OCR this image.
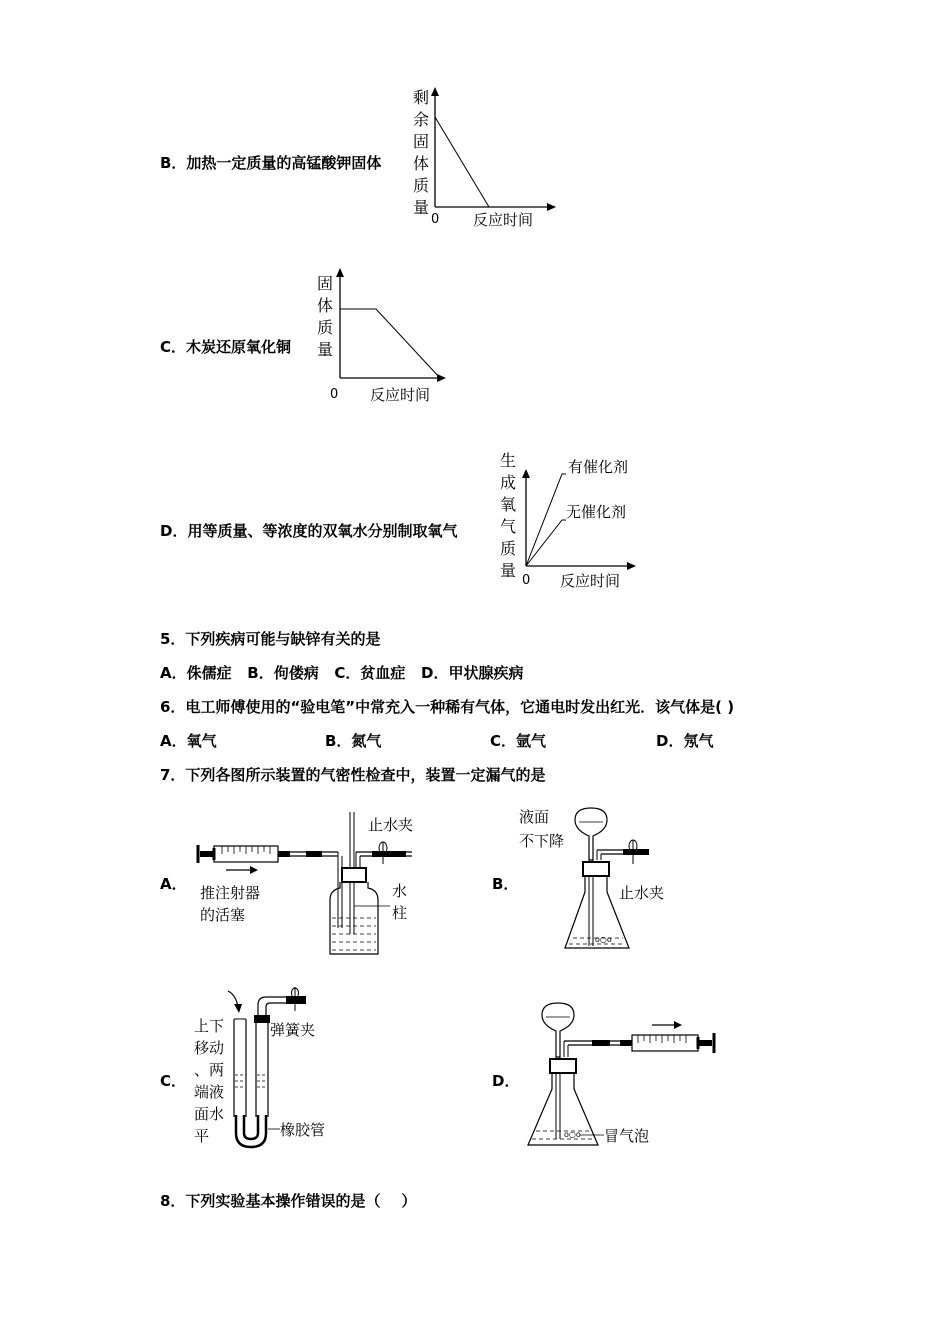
B．加热一定质量的高锰酸钾固体
剩
余
固
体
质
量
0 反应时间
C．木炭还原氧化铜
固
体
质
量
0 反应时间
D．用等质量、等浓度的双氧水分别制取氧气
生
成
氧
气
质
量
有催化剂
无催化剂
0 反应时间
5．下列疾病可能与缺锌有关的是
A．侏儒症   B．佝偻病   C．贫血症   D．甲状腺疾病
6．电工师傅使用的“验电笔”中常充入一种稀有气体，它通电时发出红光．该气体是( )
A．氧气	B．氮气	C．氩气	D．氖气
7．下列各图所示装置的气密性检查中，装置一定漏气的是
A．
止水夹
推注射器
的活塞
水
柱
B．
o○o
液面
不下降
止水夹
C．
弹簧夹
橡胶管
上下
移动
、两
端液
面水
平
D．
o○o 冒气泡
8．下列实验基本操作错误的是（    ）
